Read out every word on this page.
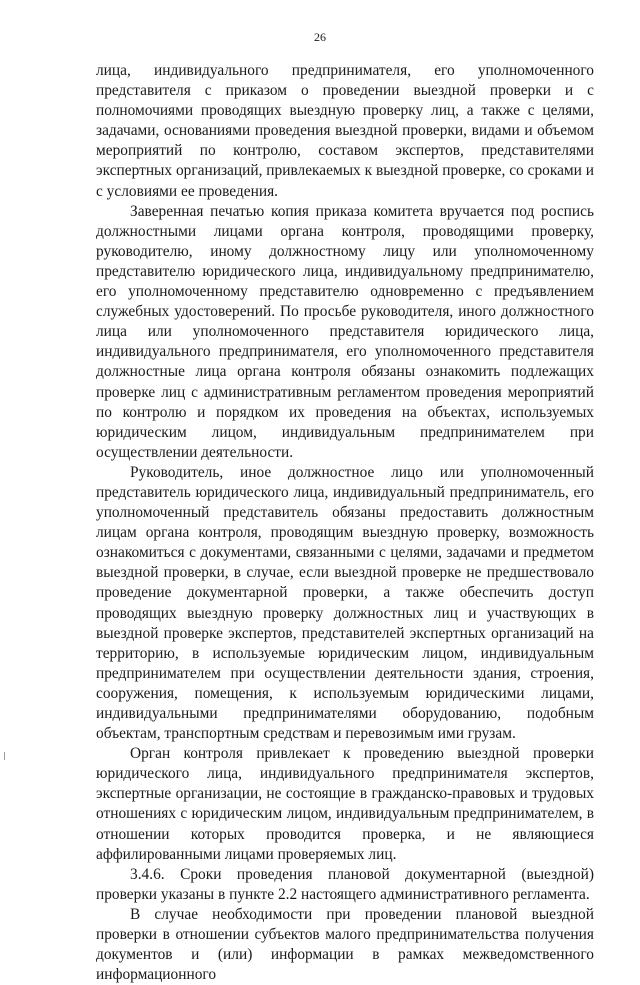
26

лица, индивидуального предпринимателя, его уполномоченного представителя с приказом о проведении выездной проверки и с полномочиями проводящих выездную проверку лиц, а также с целями, задачами, основаниями проведения выездной проверки, видами и объемом мероприятий по контролю, составом экспертов, представителями экспертных организаций, привлекаемых к выездной проверке, со сроками и с условиями ее проведения.

Заверенная печатью копия приказа комитета вручается под роспись должностными лицами органа контроля, проводящими проверку, руководителю, иному должностному лицу или уполномоченному представителю юридического лица, индивидуальному предпринимателю, его уполномоченному представителю одновременно с предъявлением служебных удостоверений. По просьбе руководителя, иного должностного лица или уполномоченного представителя юридического лица, индивидуального предпринимателя, его уполномоченного представителя должностные лица органа контроля обязаны ознакомить подлежащих проверке лиц с административным регламентом проведения мероприятий по контролю и порядком их проведения на объектах, используемых юридическим лицом, индивидуальным предпринимателем при осуществлении деятельности.

Руководитель, иное должностное лицо или уполномоченный представитель юридического лица, индивидуальный предприниматель, его уполномоченный представитель обязаны предоставить должностным лицам органа контроля, проводящим выездную проверку, возможность ознакомиться с документами, связанными с целями, задачами и предметом выездной проверки, в случае, если выездной проверке не предшествовало проведение документарной проверки, а также обеспечить доступ проводящих выездную проверку должностных лиц и участвующих в выездной проверке экспертов, представителей экспертных организаций на территорию, в используемые юридическим лицом, индивидуальным предпринимателем при осуществлении деятельности здания, строения, сооружения, помещения, к используемым юридическими лицами, индивидуальными предпринимателями оборудованию, подобным объектам, транспортным средствам и перевозимым ими грузам.

Орган контроля привлекает к проведению выездной проверки юридического лица, индивидуального предпринимателя экспертов, экспертные организации, не состоящие в гражданско-правовых и трудовых отношениях с юридическим лицом, индивидуальным предпринимателем, в отношении которых проводится проверка, и не являющиеся аффилированными лицами проверяемых лиц.

3.4.6. Сроки проведения плановой документарной (выездной) проверки указаны в пункте 2.2 настоящего административного регламента.

В случае необходимости при проведении плановой выездной проверки в отношении субъектов малого предпринимательства получения документов и (или) информации в рамках межведомственного информационного
